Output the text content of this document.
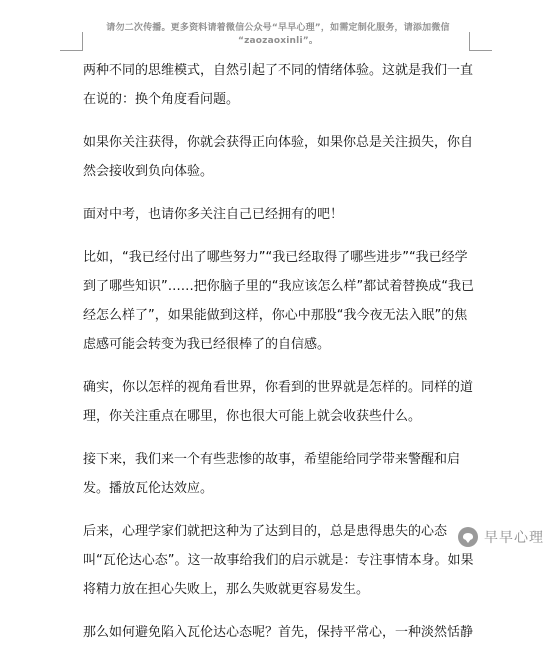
请勿二次传播。更多资料请着微信公众号“早早心理”，如需定制化服务，请添加微信
“zaozaoxinli”。

两种不同的思维模式，自然引起了不同的情绪体验。这就是我们一直在说的：换个角度看问题。

如果你关注获得，你就会获得正向体验，如果你总是关注损失，你自然会接收到负向体验。

面对中考，也请你多关注自己已经拥有的吧！

比如，“我已经付出了哪些努力”“我已经取得了哪些进步”“我已经学到了哪些知识”……把你脑子里的“我应该怎么样”都试着替换成“我已经怎么样了”，如果能做到这样，你心中那股“我今夜无法入眠”的焦虑感可能会转变为我已经很棒了的自信感。

确实，你以怎样的视角看世界，你看到的世界就是怎样的。同样的道理，你关注重点在哪里，你也很大可能上就会收获些什么。

接下来，我们来一个有些悲惨的故事，希望能给同学带来警醒和启发。播放瓦伦达效应。

后来，心理学家们就把这种为了达到目的，总是患得患失的心态叫“瓦伦达心态”。这一故事给我们的启示就是：专注事情本身。如果将精力放在担心失败上，那么失败就更容易发生。

那么如何避免陷入瓦伦达心态呢？首先，保持平常心，一种淡然恬静

早早心理
